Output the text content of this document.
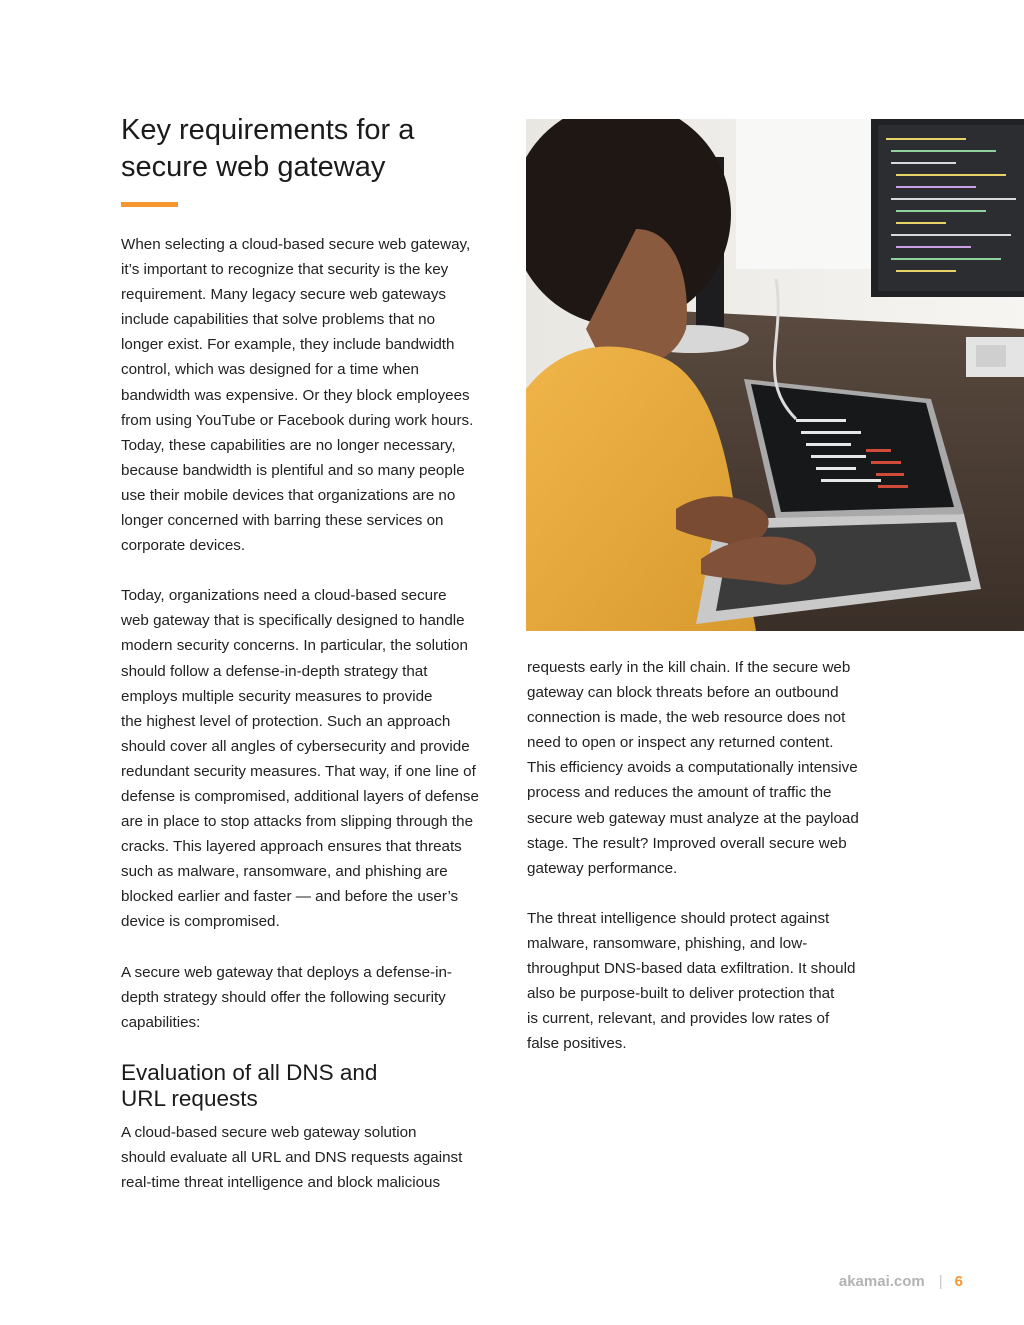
Key requirements for a
secure web gateway

When selecting a cloud-based secure web gateway,
it’s important to recognize that security is the key
requirement. Many legacy secure web gateways
include capabilities that solve problems that no
longer exist. For example, they include bandwidth
control, which was designed for a time when
bandwidth was expensive. Or they block employees
from using YouTube or Facebook during work hours.
Today, these capabilities are no longer necessary,
because bandwidth is plentiful and so many people
use their mobile devices that organizations are no
longer concerned with barring these services on
corporate devices.

Today, organizations need a cloud-based secure
web gateway that is specifically designed to handle
modern security concerns. In particular, the solution
should follow a defense-in-depth strategy that
employs multiple security measures to provide
the highest level of protection. Such an approach
should cover all angles of cybersecurity and provide
redundant security measures. That way, if one line of
defense is compromised, additional layers of defense
are in place to stop attacks from slipping through the
cracks. This layered approach ensures that threats
such as malware, ransomware, and phishing are
blocked earlier and faster — and before the user’s
device is compromised.

A secure web gateway that deploys a defense-in-
depth strategy should offer the following security
capabilities:

Evaluation of all DNS and
URL requests

A cloud-based secure web gateway solution
should evaluate all URL and DNS requests against
real-time threat intelligence and block malicious

requests early in the kill chain. If the secure web
gateway can block threats before an outbound
connection is made, the web resource does not
need to open or inspect any returned content.
This efficiency avoids a computationally intensive
process and reduces the amount of traffic the
secure web gateway must analyze at the payload
stage. The result? Improved overall secure web
gateway performance.

The threat intelligence should protect against
malware, ransomware, phishing, and low-
throughput DNS-based data exfiltration. It should
also be purpose-built to deliver protection that
is current, relevant, and provides low rates of
false positives.

akamai.com | 6
